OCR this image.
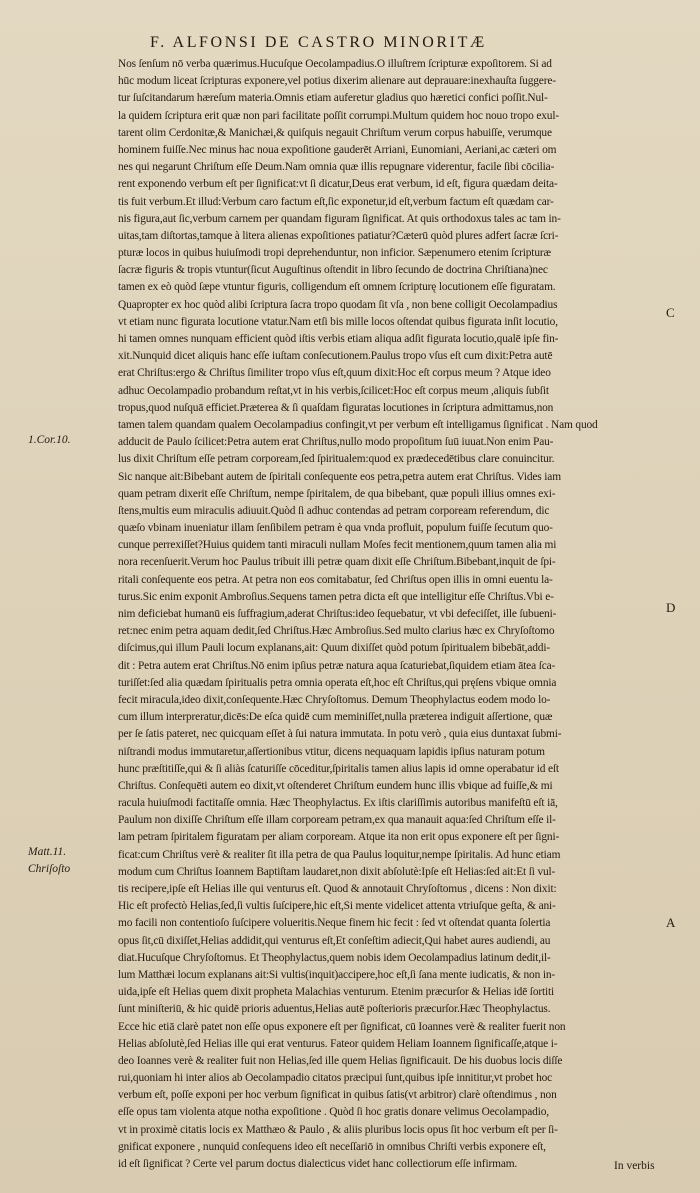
F. ALFONSI DE CASTRO MINORITÆ
Nos ſenſum nō verba quærimus.Hucuſque Oecolampadius.O illuſtrem ſcripturæ expoſitorem. Si ad
hūc modum liceat ſcripturas exponere,vel potius dixerim alienare aut deprauare:inexhauſta ſuggere-
tur ſuſcitandarum hæreſum materia.Omnis etiam auferetur gladius quo hæretici confici poſſit.Nul-
la quidem ſcriptura erit quæ non pari facilitate poſſit corrumpi.Multum quidem hoc nouo tropo exul-
tarent olim Cerdonitæ,& Manichæi,& quiſquis negauit Chriſtum verum corpus habuiſſe, verumque
hominem fuiſſe.Nec minus hac noua expoſitione gauderēt Arriani, Eunomiani, Aeriani,ac cæteri om
nes qui negarunt Chriſtum eſſe Deum.Nam omnia quæ illis repugnare viderentur, facile ſibi cōcilia-
rent exponendo verbum eſt per ſignificat:vt ſi dicatur,Deus erat verbum, id eſt, figura quædam deita-
tis fuit verbum.Et illud:Verbum caro factum eſt,ſic exponetur,id eſt,verbum factum eſt quædam car-
nis figura,aut ſic,verbum carnem per quandam figuram ſignificat. At quis orthodoxus tales ac tam in-
uitas,tam diſtortas,tamque à litera alienas expoſitiones patiatur?Cæterū quòd plures adfert ſacræ ſcri-
pturæ locos in quibus huiuſmodi tropi deprehenduntur, non inficior. Sæpenumero etenim ſcripturæ
ſacræ figuris & tropis vtuntur(ſicut Auguſtinus oſtendit in libro ſecundo de doctrina Chriſtiana)nec
tamen ex eò quòd ſæpe vtuntur figuris, colligendum eſt omnem ſcripturę locutionem eſſe figuratam.
Quapropter ex hoc quòd alibi ſcriptura ſacra tropo quodam ſit vſa , non bene colligit Oecolampadius
vt etiam nunc figurata locutione vtatur.Nam etſi bis mille locos oſtendat quibus figurata inſit locutio,
hi tamen omnes nunquam efficient quòd iſtis verbis etiam aliqua adſit figurata locutio,qualē ipſe fin-
xit.Nunquid dicet aliquis hanc eſſe iuſtam conſecutionem.Paulus tropo vſus eſt cum dixit:Petra autē
erat Chriſtus:ergo & Chriſtus ſimiliter tropo vſus eſt,quum dixit:Hoc eſt corpus meum ? Atque ideo
adhuc Oecolampadio probandum reſtat,vt in his verbis,ſcilicet:Hoc eſt corpus meum ,aliquis ſubſit
tropus,quod nuſquā efficiet.Præterea & ſi quaſdam figuratas locutiones in ſcriptura admittamus,non
tamen talem quandam qualem Oecolampadius confingit,vt per verbum eſt intelligamus ſignificat . Nam quod
adducit de Paulo ſcilicet:Petra autem erat Chriſtus,nullo modo propoſitum ſuū iuuat.Non enim Pau-
lus dixit Chriſtum eſſe petram corpoream,ſed ſpiritualem:quod ex prædecedētibus clare conuincitur.
Sic nanque ait:Bibebant autem de ſpiritali conſequente eos petra,petra autem erat Chriſtus. Vides iam
quam petram dixerit eſſe Chriſtum, nempe ſpiritalem, de qua bibebant, quæ populi illius omnes exi-
ſtens,multis eum miraculis adiuuit.Quòd ſi adhuc contendas ad petram corpoream referendum, dic
quæſo vbinam inueniatur illam ſenſibilem petram è qua vnda profluit, populum fuiſſe ſecutum quo-
cunque perrexiſſet?Huius quidem tanti miraculi nullam Moſes fecit mentionem,quum tamen alia mi
nora recenſuerit.Verum hoc Paulus tribuit illi petræ quam dixit eſſe Chriſtum.Bibebant,inquit de ſpi-
ritali conſequente eos petra. At petra non eos comitabatur, ſed Chriſtus open illis in omni euentu la-
turus.Sic enim exponit Ambroſius.Sequens tamen petra dicta eſt que intelligitur eſſe Chriſtus.Vbi e-
nim deficiebat humanū eis ſuffragium,aderat Chriſtus:ideo ſequebatur, vt vbi defeciſſet, ille ſubueni-
ret:nec enim petra aquam dedit,ſed Chriſtus.Hæc Ambroſius.Sed multo clarius hæc ex Chryſoſtomo
diſcimus,qui illum Pauli locum explanans,ait: Quum dixiſſet quòd potum ſpiritualem bibebāt,addi-
dit : Petra autem erat Chriſtus.Nō enim ipſius petræ natura aqua ſcaturiebat,ſiquidem etiam ātea ſca-
turiſſet:ſed alia quædam ſpiritualis petra omnia operata eſt,hoc eſt Chriſtus,qui pręſens vbique omnia
fecit miracula,ideo dixit,conſequente.Hæc Chryſoſtomus. Demum Theophylactus eodem modo lo-
cum illum interpreratur,dicēs:De eſca quidē cum meminiſſet,nulla præterea indiguit aſſertione, quæ
per ſe ſatis pateret, nec quicquam eſſet à ſui natura immutata. In potu verò , quia eius duntaxat ſubmi-
niſtrandi modus immutaretur,aſſertionibus vtitur, dicens nequaquam lapidis ipſius naturam potum
hunc præſtitiſſe,qui & ſi aliàs ſcaturiſſe cōceditur,ſpiritalis tamen alius lapis id omne operabatur id eſt
Chriſtus. Conſequēti autem eo dixit,vt oſtenderet Chriſtum eundem hunc illis vbique ad fuiſſe,& mi
racula huiuſmodi factitaſſe omnia. Hæc Theophylactus. Ex iſtis clariſſimis autoribus manifeſtū eſt iā,
Paulum non dixiſſe Chriſtum eſſe illam corpoream petram,ex qua manauit aqua:ſed Chriſtum eſſe il-
lam petram ſpiritalem figuratam per aliam corpoream. Atque ita non erit opus exponere eſt per ſigni-
ficat:cum Chriſtus verè & realiter ſit illa petra de qua Paulus loquitur,nempe ſpiritalis. Ad hunc etiam
modum cum Chriſtus Ioannem Baptiſtam laudaret,non dixit abſolutè:Ipſe eſt Helias:ſed ait:Et ſi vul-
tis recipere,ipſe eſt Helias ille qui venturus eſt. Quod & annotauit Chryſoſtomus , dicens : Non dixit:
Hic eſt profectò Helias,ſed,ſi vultis ſuſcipere,hic eſt,Si mente videlicet attenta vtriuſque geſta, & ani-
mo facili non contentioſo ſuſcipere volueritis.Neque finem hic fecit : ſed vt oſtendat quanta ſolertia
opus ſit,cū dixiſſet,Helias addidit,qui venturus eſt,Et conſeſtim adiecit,Qui habet aures audiendi, au
diat.Hucuſque Chryſoſtomus. Et Theophylactus,quem nobis idem Oecolampadius latinum dedit,il-
lum Matthæi locum explanans ait:Si vultis(inquit)accipere,hoc eſt,ſi ſana mente iudicatis, & non in-
uida,ipſe eſt Helias quem dixit propheta Malachias venturum. Etenim præcurſor & Helias idē ſortiti
ſunt miniſteriū, & hic quidē prioris aduentus,Helias autē poſterioris præcurſor.Hæc Theophylactus.
Ecce hic etiā clarè patet non eſſe opus exponere eſt per ſignificat, cū Ioannes verè & realiter fuerit non
Helias abſolutè,ſed Helias ille qui erat venturus. Fateor quidem Heliam Ioannem ſignificaſſe,atque i-
deo Ioannes verè & realiter fuit non Helias,ſed ille quem Helias ſignificauit. De his duobus locis diſſe
rui,quoniam hi inter alios ab Oecolampadio citatos præcipui ſunt,quibus ipſe innititur,vt probet hoc
verbum eſt, poſſe exponi per hoc verbum ſignificat in quibus ſatis(vt arbitror) clarè oſtendimus , non
eſſe opus tam violenta atque notha expoſitione . Quòd ſi hoc gratis donare velimus Oecolampadio,
vt in proximè citatis locis ex Matthæo & Paulo , & aliis pluribus locis opus ſit hoc verbum eſt per ſi-
gnificat exponere , nunquid conſequens ideo eſt neceſſariō in omnibus Chriſti verbis exponere eſt,
id eſt ſignificat ? Certe vel parum doctus dialecticus videt hanc collectiorum eſſe infirmam.
1.Cor.10.
Matt.11.
Chriſoſto
C
D
A
In verbis
